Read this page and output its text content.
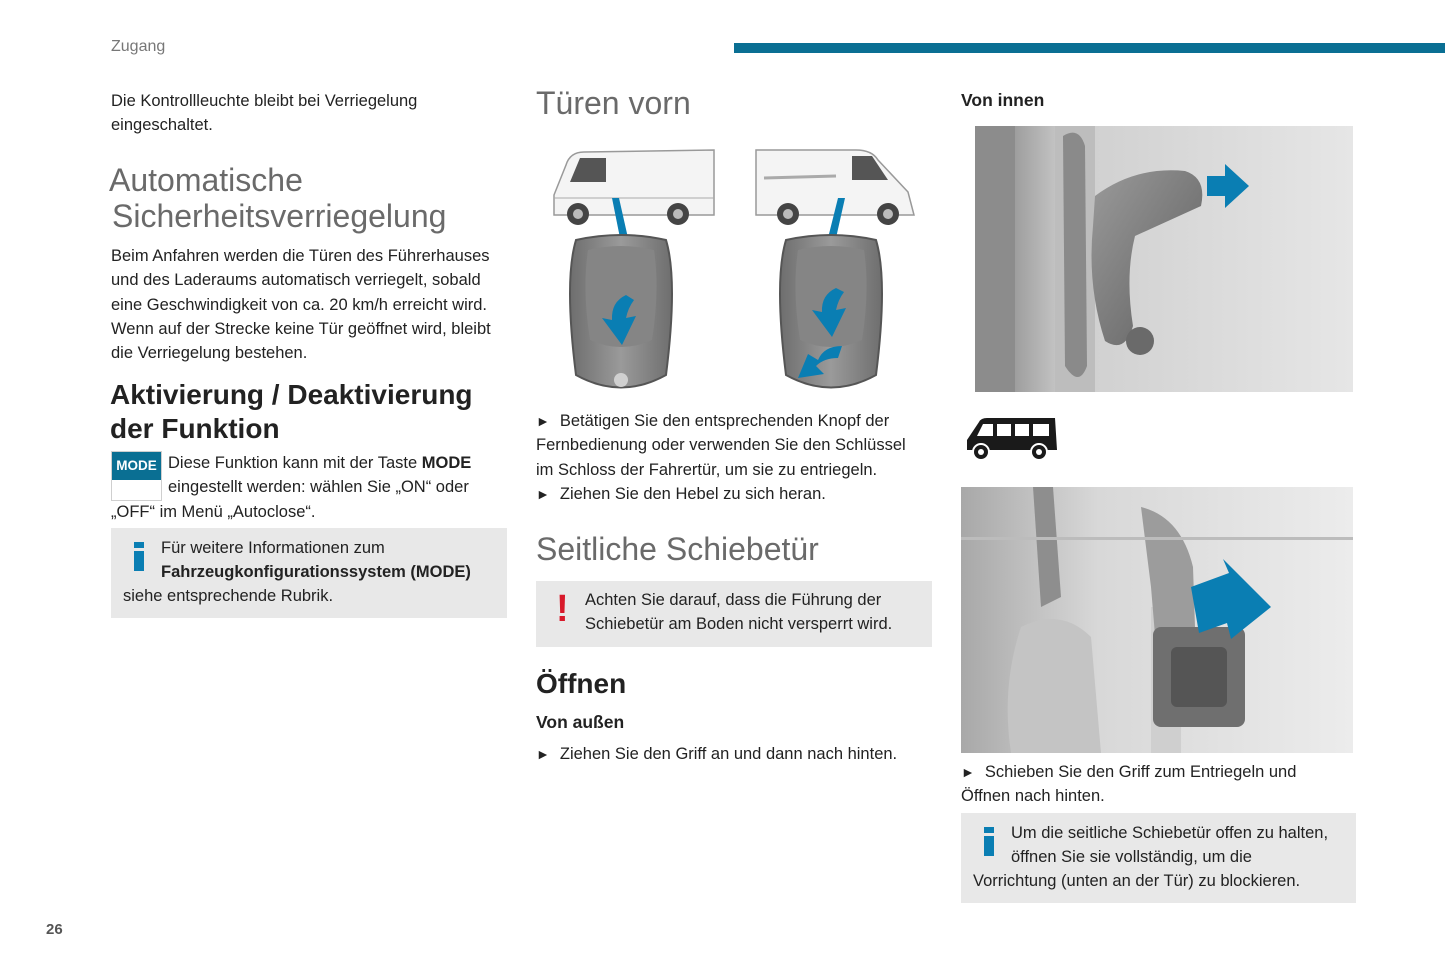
Zugang
Die Kontrollleuchte bleibt bei Verriegelung eingeschaltet.
Automatische
Sicherheitsverriegelung
Beim Anfahren werden die Türen des Führerhauses und des Laderaums automatisch verriegelt, sobald eine Geschwindigkeit von ca. 20 km/h erreicht wird. Wenn auf der Strecke keine Tür geöffnet wird, bleibt die Verriegelung bestehen.
Aktivierung / Deaktivierung
der Funktion
MODE Diese Funktion kann mit der Taste MODE
eingestellt werden: wählen Sie „ON“ oder
„OFF“ im Menü „Autoclose“.
Für weitere Informationen zum
Fahrzeugkonfigurationssystem (MODE)
siehe entsprechende Rubrik.
Türen vorn
► Betätigen Sie den entsprechenden Knopf der
Fernbedienung oder verwenden Sie den Schlüssel
im Schloss der Fahrertür, um sie zu entriegeln.
► Ziehen Sie den Hebel zu sich heran.
Seitliche Schiebetür
! Achten Sie darauf, dass die Führung der
Schiebetür am Boden nicht versperrt wird.
Öffnen
Von außen
► Ziehen Sie den Griff an und dann nach hinten.
Von innen
► Schieben Sie den Griff zum Entriegeln und
Öffnen nach hinten.
Um die seitliche Schiebetür offen zu halten,
öffnen Sie sie vollständig, um die
Vorrichtung (unten an der Tür) zu blockieren.
26
